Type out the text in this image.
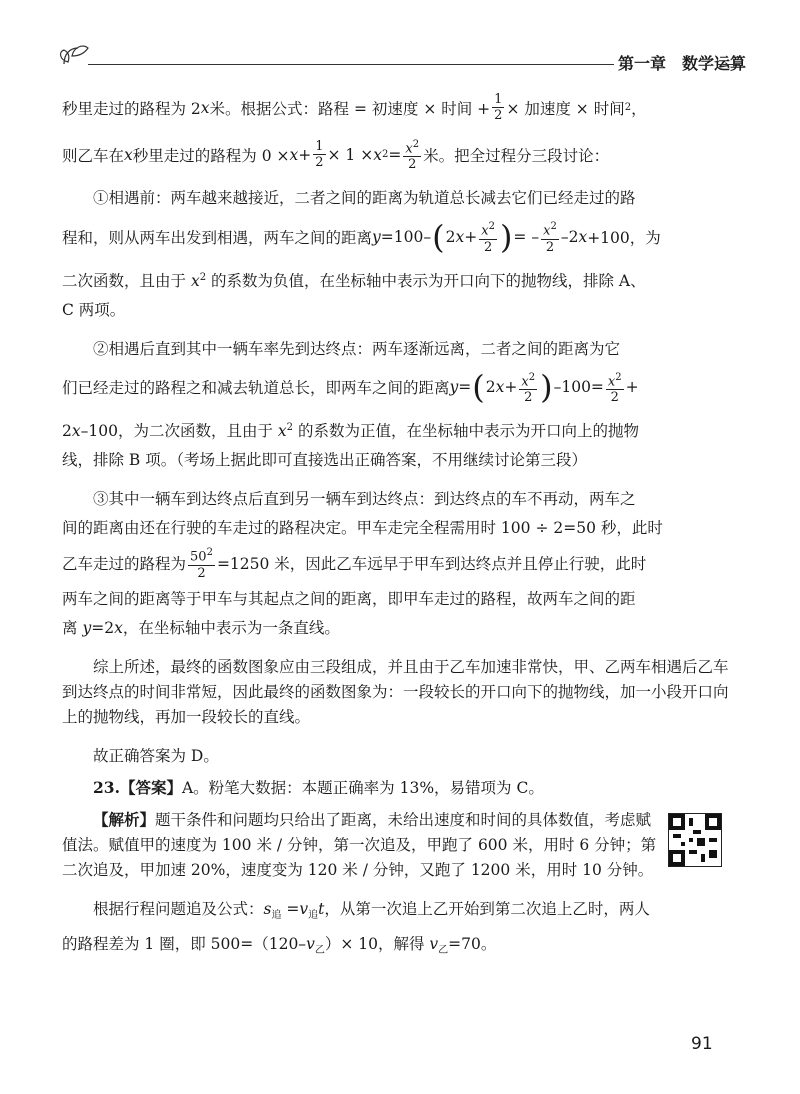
第一章　数学运算
秒里走过的路程为 2 x 米。根据公式：路程 = 初速度 × 时间 + $\frac{1}{2}$ × 加速度 × 时间 2 ，
则乙车在 x 秒里走过的路程为 $0 \times x + \frac{1}{2} \times 1 \times x$ $2 = \frac{x^2}{2}$ 米。把全过程分三段讨论：

①相遇前：两车越来越接近，二者之间的距离为轨道总长减去它们已经走过的路

程和，则从两车出发到相遇，两车之间的距离 y =100– ( 2 $x + \frac{x^2}{2}$ ) = – $\frac{x^2}{2} -2$ x +100，为

二次函数，且由于 $x^2$ 的系数为负值，在坐标轴中表示为开口向下的抛物线，排除 A、

C 两项。

②相遇后直到其中一辆车率先到达终点：两车逐渐远离，二者之间的距离为它

们已经走过的路程之和减去轨道总长，即两车之间的距离 y = ( 2 $x + \frac{x^2}{2}$ ) $-100= \frac{x^2}{2}$ +

2x–100，为二次函数，且由于 $x^2$ 的系数为正值，在坐标轴中表示为开口向上的抛物

线，排除 B 项。（考场上据此即可直接选出正确答案，不用继续讨论第三段）

③其中一辆车到达终点后直到另一辆车到达终点：到达终点的车不再动，两车之

间的距离由还在行驶的车走过的路程决定。甲车走完全程需用时 100 ÷ 2=50 秒，此时

乙车走过的路程为 $\frac{50^2}{2} =1250$ 米，因此乙车远早于甲车到达终点并且停止行驶，此时

两车之间的距离等于甲车与其起点之间的距离，即甲车走过的路程，故两车之间的距

离 y=2x，在坐标轴中表示为一条直线。

综上所述，最终的函数图象应由三段组成，并且由于乙车加速非常快，甲、乙两车相遇后乙车到达终点的时间非常短，因此最终的函数图象为：一段较长的开口向下的抛物线，加一小段开口向上的抛物线，再加一段较长的直线。

故正确答案为 D。

23.【答案】A。粉笔大数据：本题正确率为 13%，易错项为 C。

【解析】题干条件和问题均只给出了距离，未给出速度和时间的具体数值，考虑赋值法。赋值甲的速度为 100 米 / 分钟，第一次追及，甲跑了 600 米，用时 6 分钟；第二次追及，甲加速 20%，速度变为 120 米 / 分钟，又跑了 1200 米，用时 10 分钟。

根据行程问题追及公式：$s_追 =v_追t$，从第一次追上乙开始到第二次追上乙时，两人

的路程差为 1 圈，即 $500=(120-v_乙)\times 10$，解得 $v_乙=70$。

91
